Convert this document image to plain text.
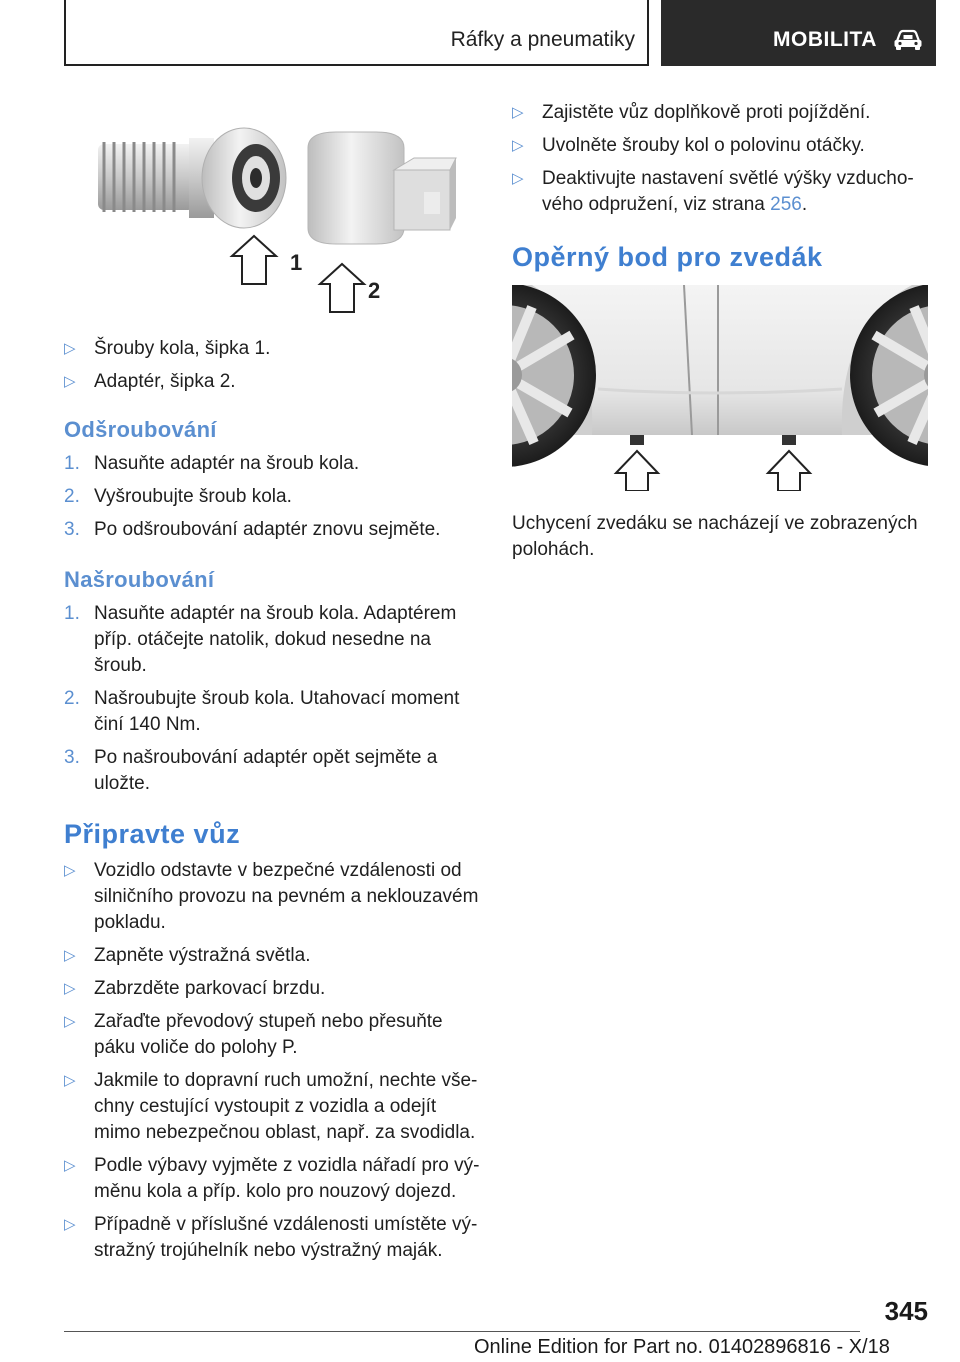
Ráfky a pneumatiky	MOBILITA
1
2
▷ Šrouby kola, šipka 1.
▷ Adaptér, šipka 2.
Odšroubování
1. Nasuňte adaptér na šroub kola.
2. Vyšroubujte šroub kola.
3. Po odšroubování adaptér znovu sejměte.
Našroubování
1. Nasuňte adaptér na šroub kola. Adaptérem příp. otáčejte natolik, dokud nesedne na šroub.
2. Našroubujte šroub kola. Utahovací moment činí 140 Nm.
3. Po našroubování adaptér opět sejměte a uložte.
Připravte vůz
▷ Vozidlo odstavte v bezpečné vzdálenosti od silničního provozu na pevném a neklouzavém pokladu.
▷ Zapněte výstražná světla.
▷ Zabrzděte parkovací brzdu.
▷ Zařaďte převodový stupeň nebo přesuňte páku voliče do polohy P.
▷ Jakmile to dopravní ruch umožní, nechte všechny cestující vystoupit z vozidla a odejít mimo nebezpečnou oblast, např. za svodidla.
▷ Podle výbavy vyjměte z vozidla nářadí pro výměnu kola a příp. kolo pro nouzový dojezd.
▷ Případně v příslušné vzdálenosti umístěte výstražný trojúhelník nebo výstražný maják.
▷ Zajistěte vůz doplňkově proti pojíždění.
▷ Uvolněte šrouby kol o polovinu otáčky.
▷ Deaktivujte nastavení světlé výšky vzduchového odpružení, viz strana 256.
Opěrný bod pro zvedák

Uchycení zvedáku se nacházejí ve zobrazených polohách.

345
Online Edition for Part no. 01402896816 - X/18
